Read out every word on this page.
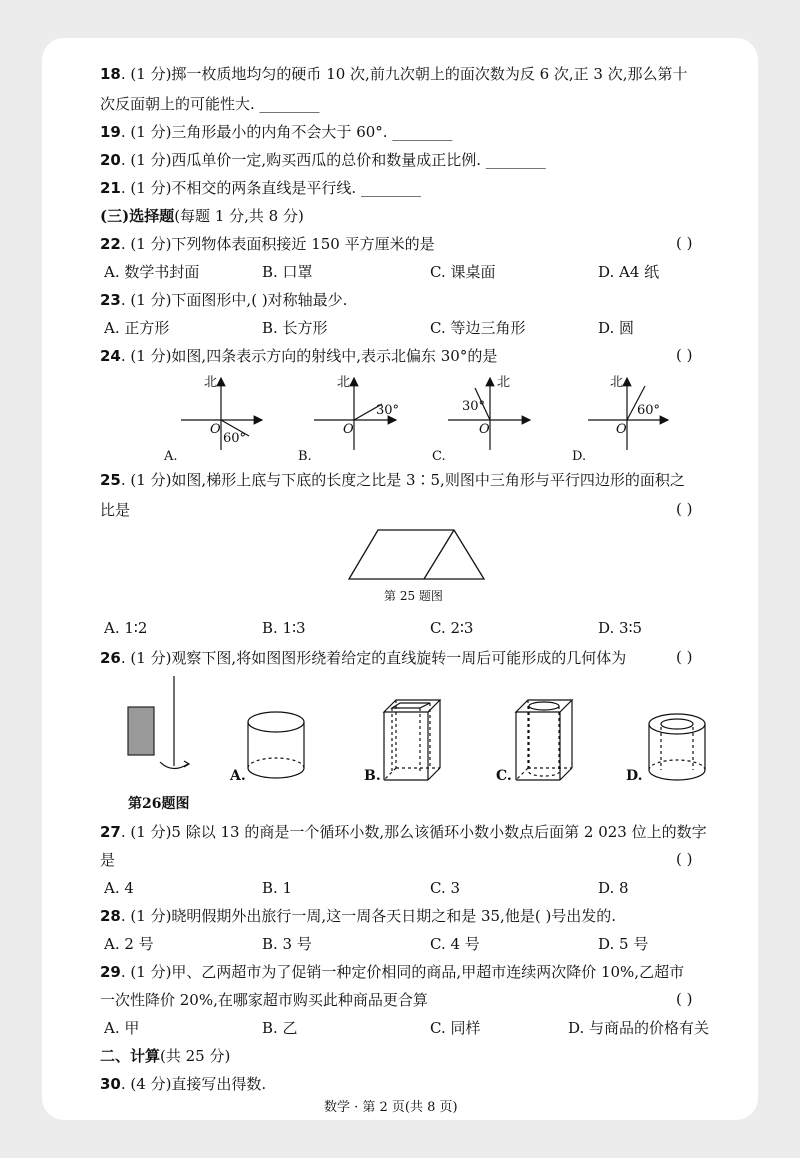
18. (1 分)掷一枚质地均匀的硬币 10 次,前九次朝上的面次数为反 6 次,正 3 次,那么第十
次反面朝上的可能性大. ________
19. (1 分)三角形最小的内角不会大于 60°. ________
20. (1 分)西瓜单价一定,购买西瓜的总价和数量成正比例. ________
21. (1 分)不相交的两条直线是平行线. ________
(三)选择题(每题 1 分,共 8 分)
22. (1 分)下列物体表面积接近 150 平方厘米的是	( )
A. 数学书封面	B. 口罩	C. 课桌面	D. A4 纸
23. (1 分)下面图形中,( )对称轴最少.
A. 正方形	B. 长方形	C. 等边三角形	D. 圆
24. (1 分)如图,四条表示方向的射线中,表示北偏东 30°的是	( )
北
O
60°
A.
北
O
30°
B.
北
O
30°
C.
北
O
60°
D.
25. (1 分)如图,梯形上底与下底的长度之比是 3∶5,则图中三角形与平行四边形的面积之
比是	( )
第 25 题图
A. 1∶2	B. 1∶3	C. 2∶3	D. 3∶5
26. (1 分)观察下图,将如图图形绕着给定的直线旋转一周后可能形成的几何体为	( )
A.	B.	C.	D.
第26题图
27. (1 分)5 除以 13 的商是一个循环小数,那么该循环小数小数点后面第 2 023 位上的数字
是	( )
A. 4	B. 1	C. 3	D. 8
28. (1 分)晓明假期外出旅行一周,这一周各天日期之和是 35,他是( )号出发的.
A. 2 号	B. 3 号	C. 4 号	D. 5 号
29. (1 分)甲、乙两超市为了促销一种定价相同的商品,甲超市连续两次降价 10%,乙超市
一次性降价 20%,在哪家超市购买此种商品更合算	( )
A. 甲	B. 乙	C. 同样	D. 与商品的价格有关
二、计算(共 25 分)
30. (4 分)直接写出得数.
数学 · 第 2 页(共 8 页)
